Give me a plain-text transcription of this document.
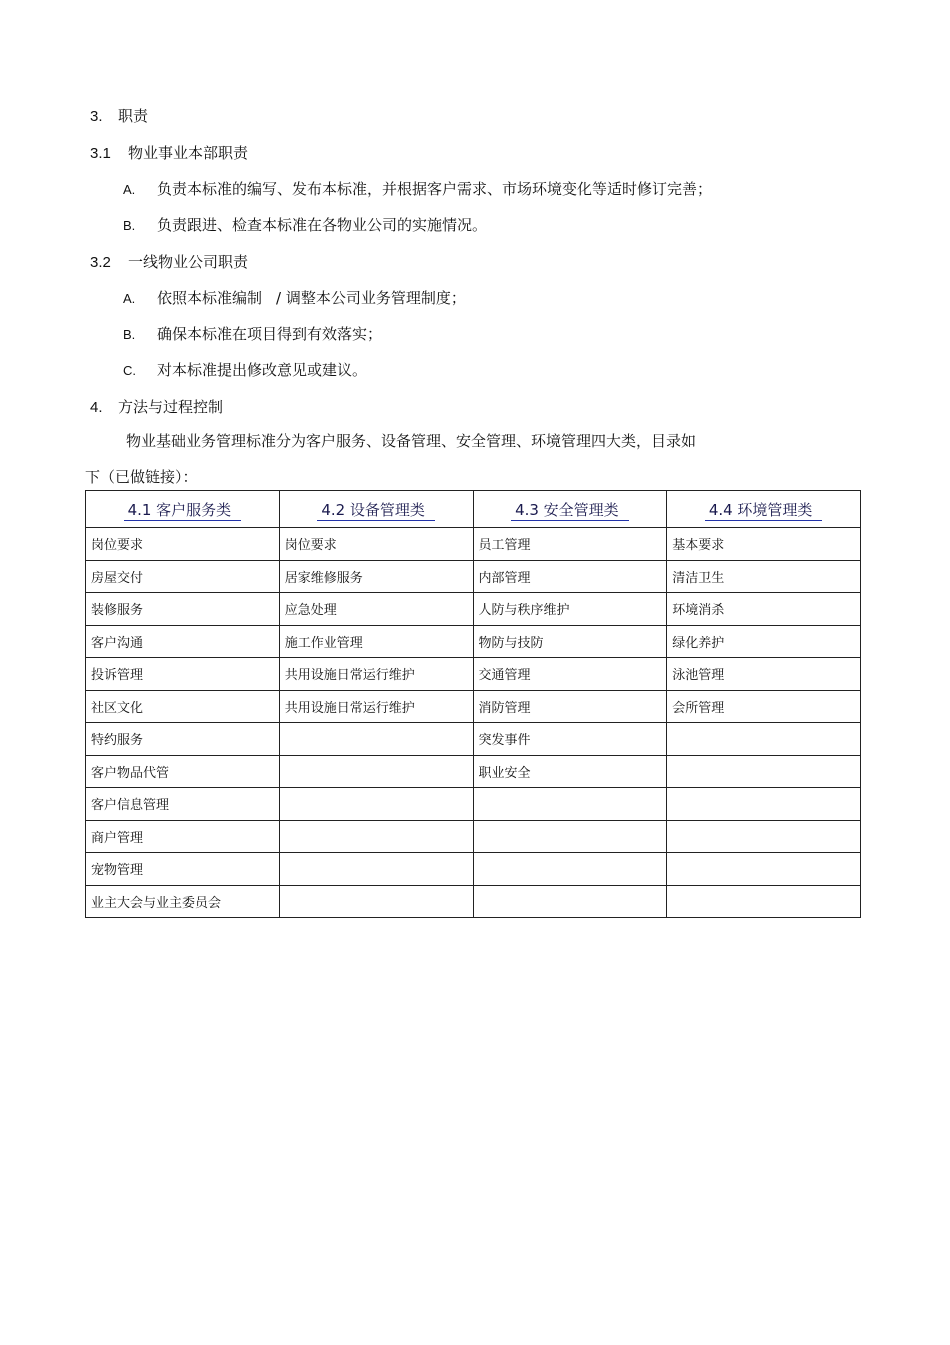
3. 职责
3.1 物业事业本部职责
A. 负责本标准的编写、发布本标准，并根据客户需求、市场环境变化等适时修订完善；
B. 负责跟进、检查本标准在各物业公司的实施情况。
3.2 一线物业公司职责
A. 依照本标准编制 / 调整本公司业务管理制度；
B. 确保本标准在项目得到有效落实；
C. 对本标准提出修改意见或建议。
4. 方法与过程控制
物业基础业务管理标准分为客户服务、设备管理、安全管理、环境管理四大类，目录如
下（已做链接）：
4.1 客户服务类	4.2 设备管理类	4.3 安全管理类	4.4 环境管理类
岗位要求	岗位要求	员工管理	基本要求
房屋交付	居家维修服务	内部管理	清洁卫生
装修服务	应急处理	人防与秩序维护	环境消杀
客户沟通	施工作业管理	物防与技防	绿化养护
投诉管理	共用设施日常运行维护	交通管理	泳池管理
社区文化	共用设施日常运行维护	消防管理	会所管理
特约服务		突发事件	
客户物品代管		职业安全	
客户信息管理			
商户管理			
宠物管理			
业主大会与业主委员会			
